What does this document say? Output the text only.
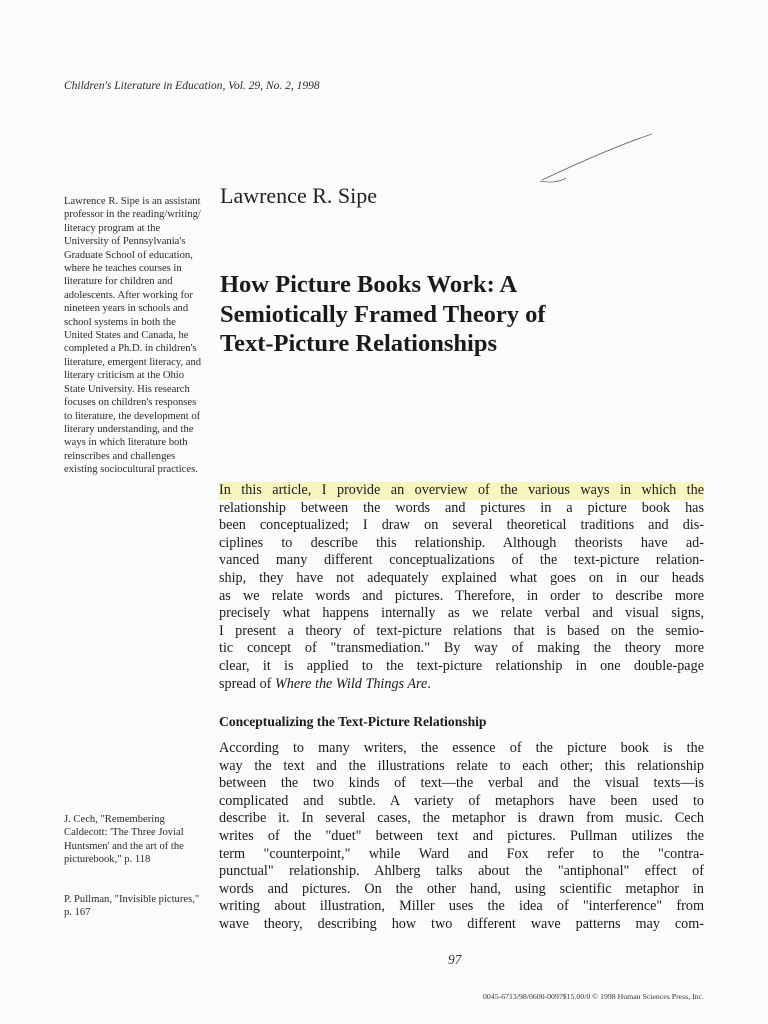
Children's Literature in Education, Vol. 29, No. 2, 1998
Lawrence R. Sipe is an assistant professor in the reading/writing/ literacy program at the University of Pennsylvania's Graduate School of education, where he teaches courses in literature for children and adolescents. After working for nineteen years in schools and school systems in both the United States and Canada, he completed a Ph.D. in children's literature, emergent literacy, and literary criticism at the Ohio State University. His research focuses on children's responses to literature, the development of literary understanding, and the ways in which literature both reinscribes and challenges existing sociocultural practices.
Lawrence R. Sipe
How Picture Books Work: A
Semiotically Framed Theory of
Text-Picture Relationships
In this article, I provide an overview of the various ways in which the
relationship between the words and pictures in a picture book has
been conceptualized; I draw on several theoretical traditions and dis-
ciplines to describe this relationship. Although theorists have ad-
vanced many different conceptualizations of the text-picture relation-
ship, they have not adequately explained what goes on in our heads
as we relate words and pictures. Therefore, in order to describe more
precisely what happens internally as we relate verbal and visual signs,
I present a theory of text-picture relations that is based on the semio-
tic concept of "transmediation." By way of making the theory more
clear, it is applied to the text-picture relationship in one double-page
spread of Where the Wild Things Are.
Conceptualizing the Text-Picture Relationship
According to many writers, the essence of the picture book is the
way the text and the illustrations relate to each other; this relationship
between the two kinds of text—the verbal and the visual texts—is
complicated and subtle. A variety of metaphors have been used to
describe it. In several cases, the metaphor is drawn from music. Cech
writes of the "duet" between text and pictures. Pullman utilizes the
term "counterpoint," while Ward and Fox refer to the "contra-
punctual" relationship. Ahlberg talks about the "antiphonal" effect of
words and pictures. On the other hand, using scientific metaphor in
writing about illustration, Miller uses the idea of "interference" from
wave theory, describing how two different wave patterns may com-
J. Cech, "Remembering Caldecott: 'The Three Jovial Huntsmen' and the art of the picturebook," p. 118
P. Pullman, "Invisible pictures," p. 167
97
0045-6713/98/0600-0097$15.00/0 © 1998 Human Sciences Press, Inc.
